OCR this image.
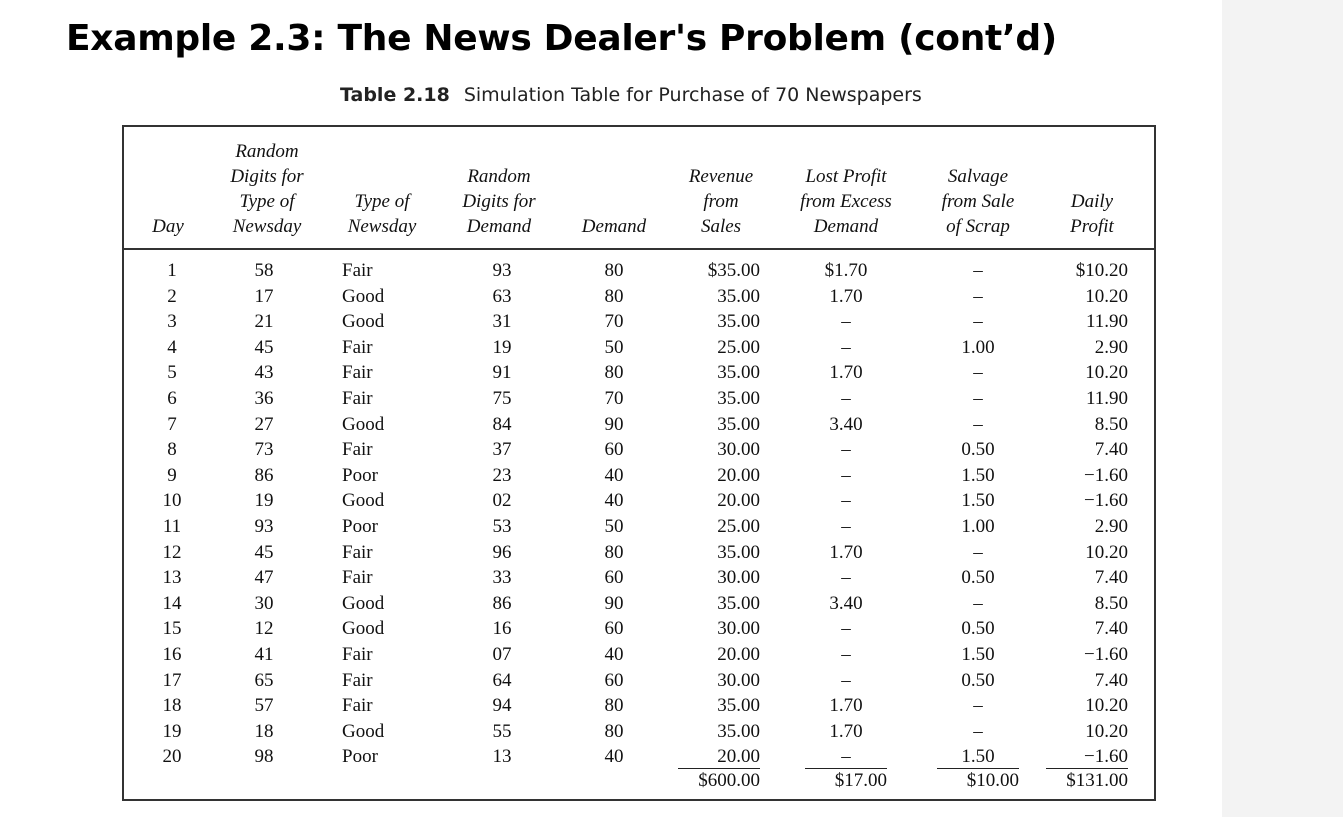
Example 2.3: The News Dealer's Problem (cont’d)
Table 2.18 Simulation Table for Purchase of 70 Newspapers
Day
1
2
3
4
5
6
7
8
9
10
11
12
13
14
15
16
17
18
19
20
Random
Digits for
Type of
Newsday
58
17
21
45
43
36
27
73
86
19
93
45
47
30
12
41
65
57
18
98
Type of
Newsday
Fair
Good
Good
Fair
Fair
Fair
Good
Fair
Poor
Good
Poor
Fair
Fair
Good
Good
Fair
Fair
Fair
Good
Poor
Random
Digits for
Demand
93
63
31
19
91
75
84
37
23
02
53
96
33
86
16
07
64
94
55
13
Demand
80
80
70
50
80
70
90
60
40
40
50
80
60
90
60
40
60
80
80
40
Revenue
from
Sales
$35.00
35.00
35.00
25.00
35.00
35.00
35.00
30.00
20.00
20.00
25.00
35.00
30.00
35.00
30.00
20.00
30.00
35.00
35.00
20.00
$600.00
Lost Profit
from Excess
Demand
$1.70
1.70
–
–
1.70
–
3.40
–
–
–
–
1.70
–
3.40
–
–
–
1.70
1.70
–
$17.00
Salvage
from Sale
of Scrap
–
–
–
1.00
–
–
–
0.50
1.50
1.50
1.00
–
0.50
–
0.50
1.50
0.50
–
–
1.50
$10.00
Daily
Profit
$10.20
10.20
11.90
2.90
10.20
11.90
8.50
7.40
−1.60
−1.60
2.90
10.20
7.40
8.50
7.40
−1.60
7.40
10.20
10.20
−1.60
$131.00
